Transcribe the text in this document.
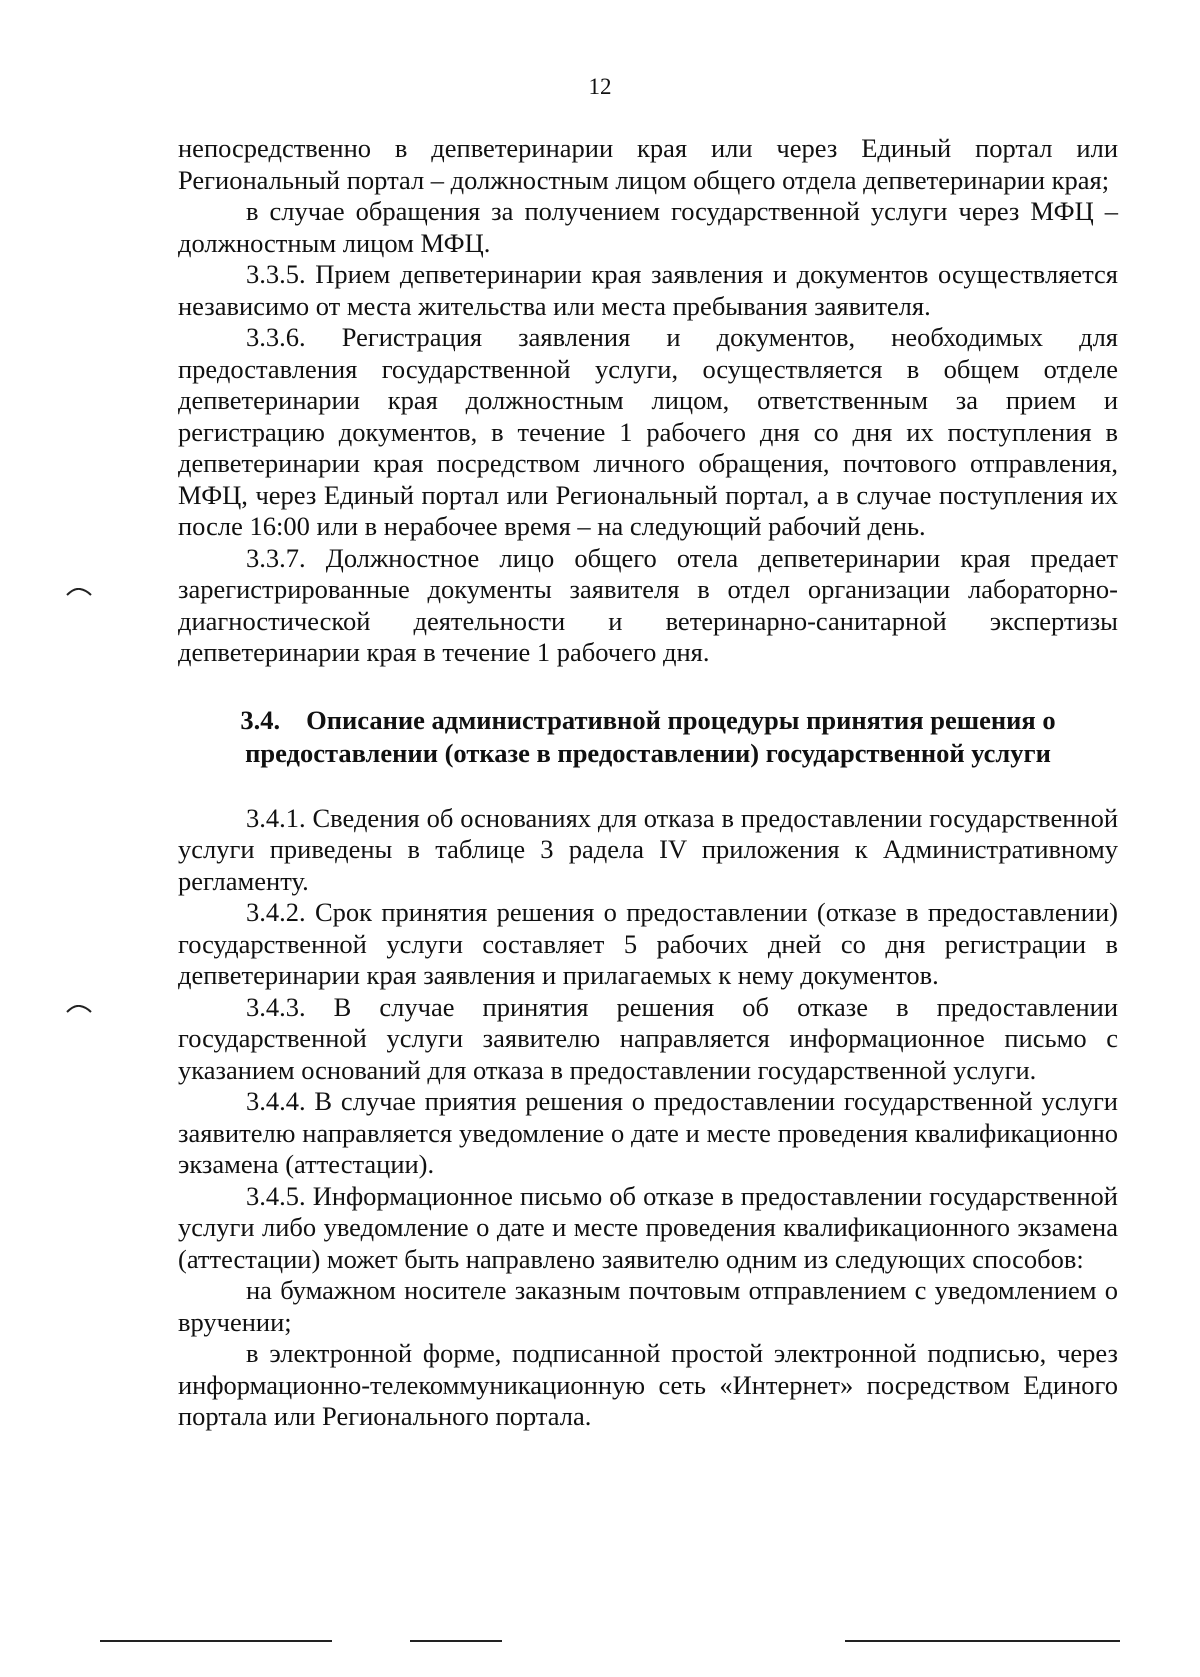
12

непосредственно в депветеринарии края или через Единый портал или Региональный портал – должностным лицом общего отдела депветеринарии края;

в случае обращения за получением государственной услуги через МФЦ – должностным лицом МФЦ.

3.3.5. Прием депветеринарии края заявления и документов осуществляется независимо от места жительства или места пребывания заявителя.

3.3.6. Регистрация заявления и документов, необходимых для предоставления государственной услуги, осуществляется в общем отделе депветеринарии края должностным лицом, ответственным за прием и регистрацию документов, в течение 1 рабочего дня со дня их поступления в депветеринарии края посредством личного обращения, почтового отправления, МФЦ, через Единый портал или Региональный портал, а в случае поступления их после 16:00 или в нерабочее время – на следующий рабочий день.

3.3.7. Должностное лицо общего отела депветеринарии края предает зарегистрированные документы заявителя в отдел организации лабораторно-диагностической деятельности и ветеринарно-санитарной экспертизы депветеринарии края в течение 1 рабочего дня.

3.4. Описание административной процедуры принятия решения о предоставлении (отказе в предоставлении) государственной услуги

3.4.1. Сведения об основаниях для отказа в предоставлении государственной услуги приведены в таблице 3 радела IV приложения к Административному регламенту.

3.4.2. Срок принятия решения о предоставлении (отказе в предоставлении) государственной услуги составляет 5 рабочих дней со дня регистрации в депветеринарии края заявления и прилагаемых к нему документов.

3.4.3. В случае принятия решения об отказе в предоставлении государственной услуги заявителю направляется информационное письмо с указанием оснований для отказа в предоставлении государственной услуги.

3.4.4. В случае приятия решения о предоставлении государственной услуги заявителю направляется уведомление о дате и месте проведения квалификационно экзамена (аттестации).

3.4.5. Информационное письмо об отказе в предоставлении государственной услуги либо уведомление о дате и месте проведения квалификационного экзамена (аттестации) может быть направлено заявителю одним из следующих способов:

на бумажном носителе заказным почтовым отправлением с уведомлением о вручении;

в электронной форме, подписанной простой электронной подписью, через информационно-телекоммуникационную сеть «Интернет» посредством Единого портала или Регионального портала.
